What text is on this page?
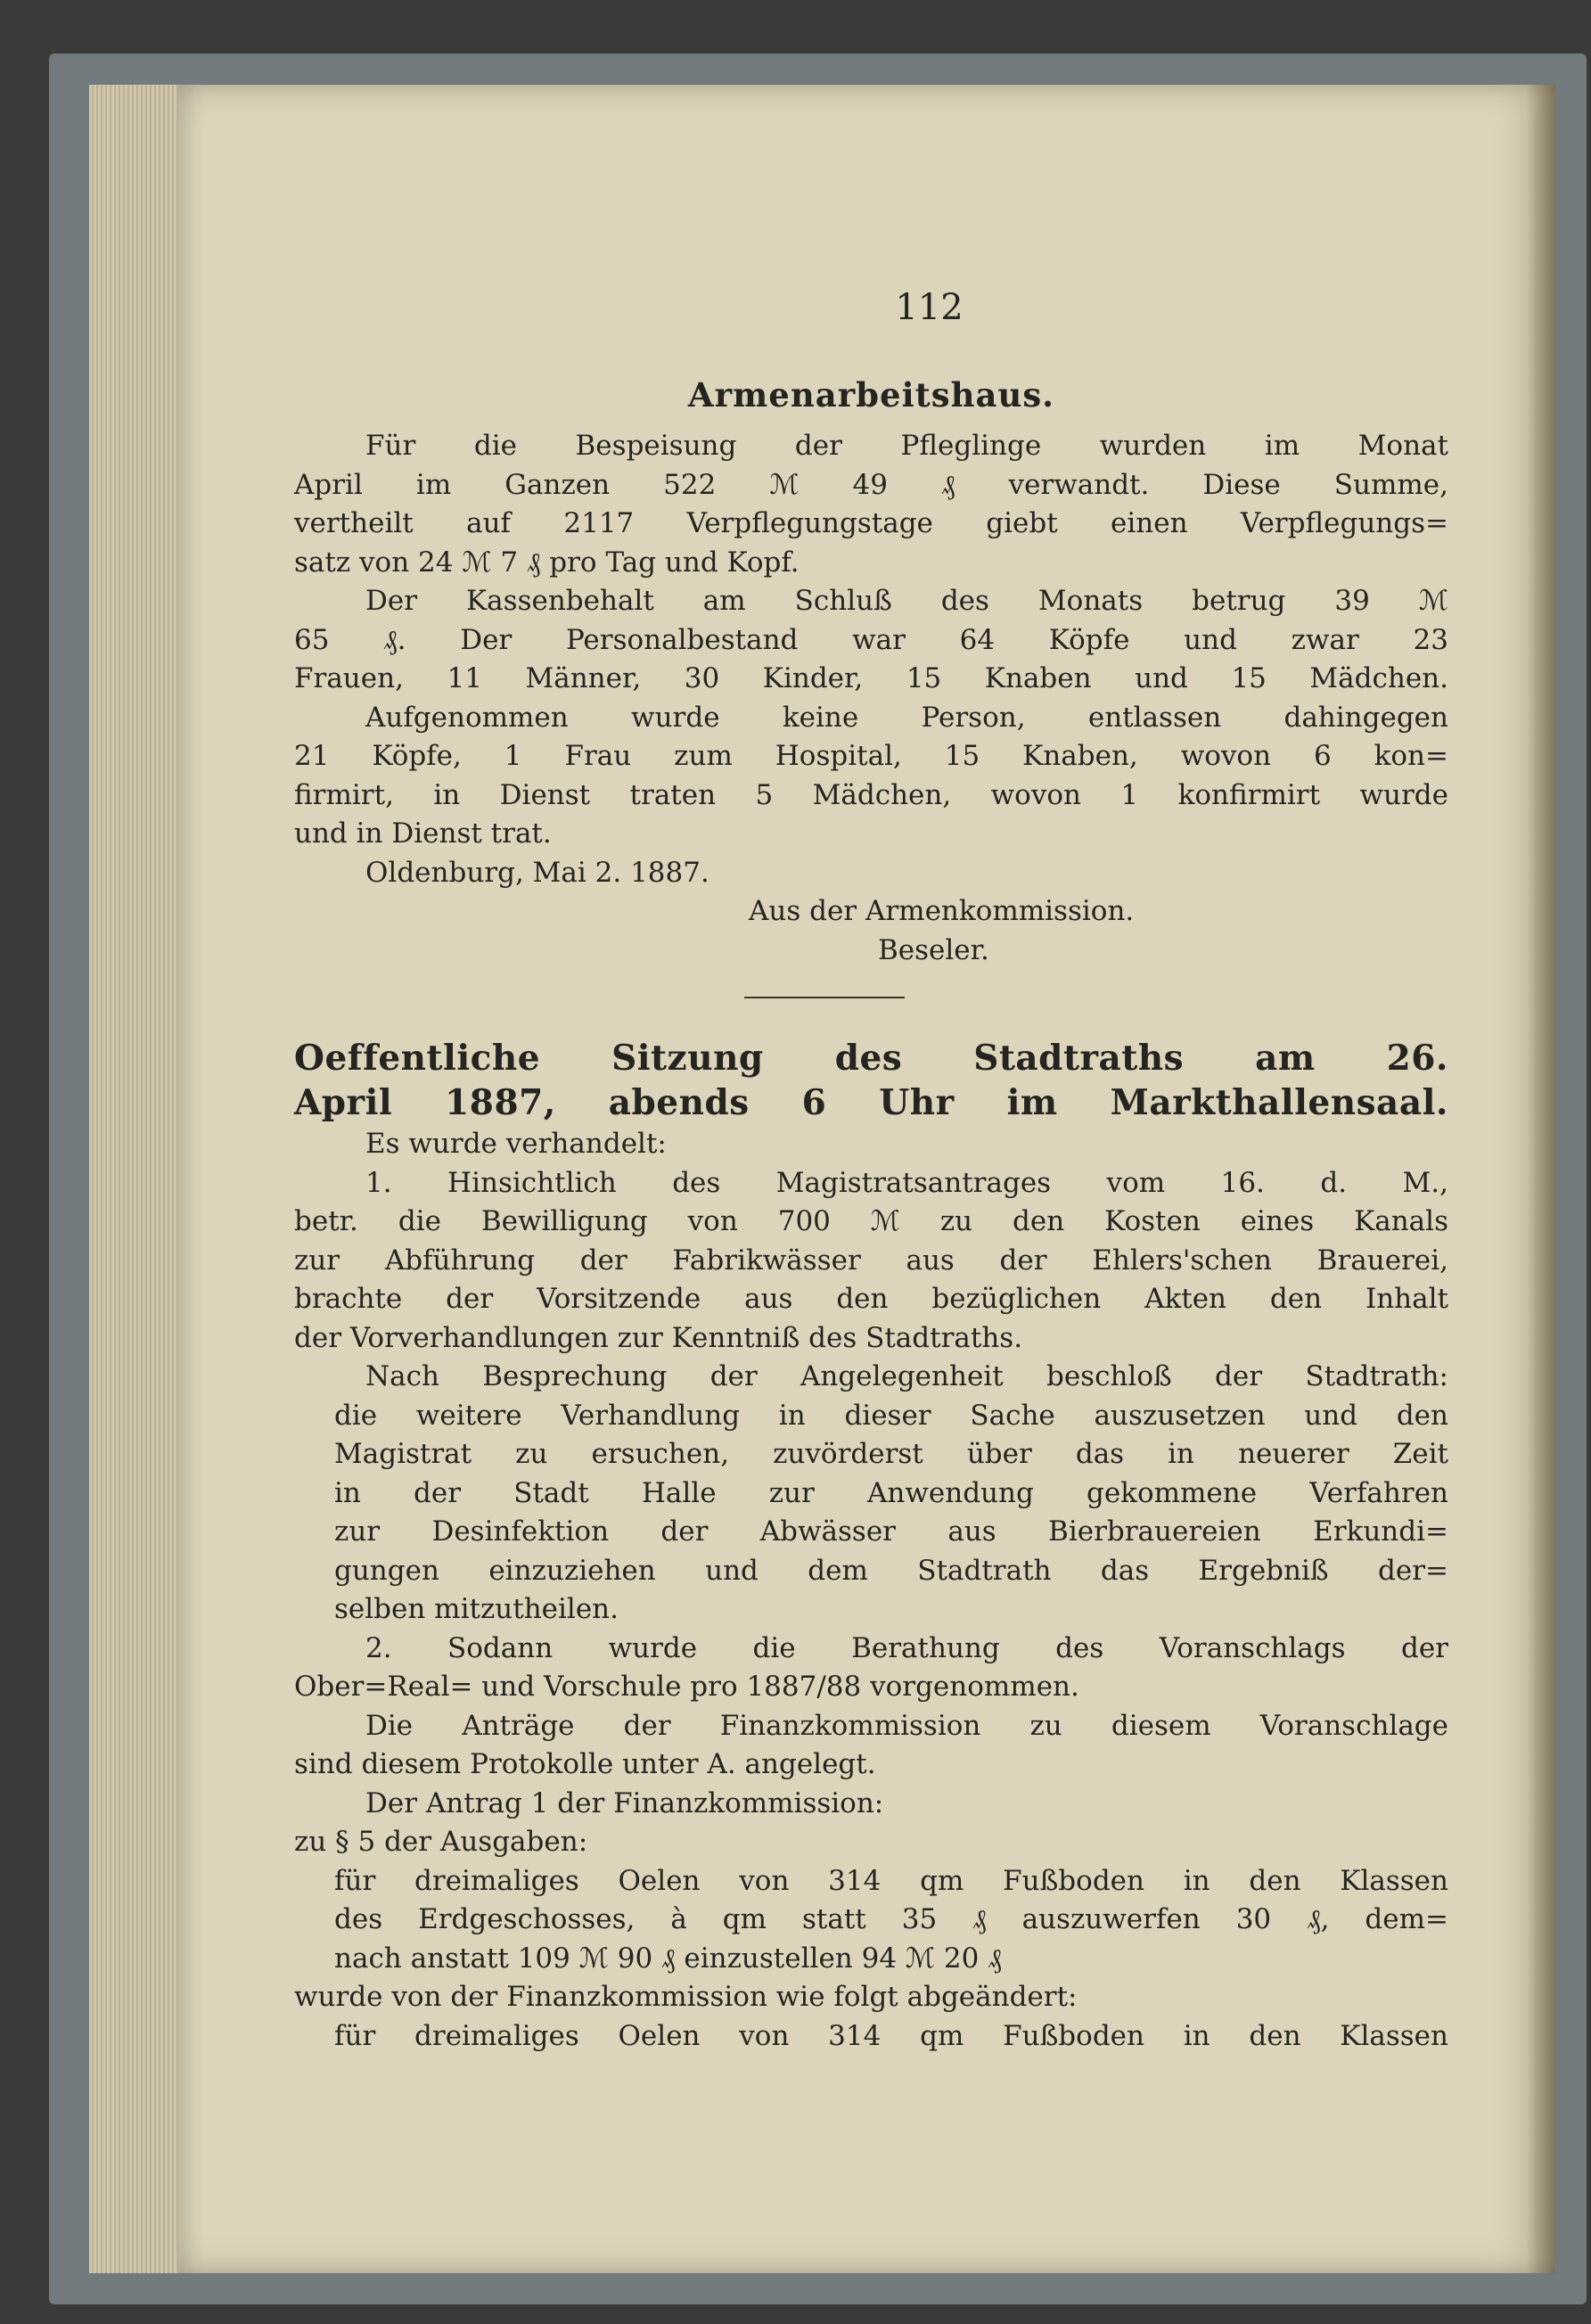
112
Armenarbeitshaus.
Für die Bespeisung der Pfleglinge wurden im Monat
April im Ganzen 522 ℳ 49 ₰ verwandt. Diese Summe,
vertheilt auf 2117 Verpflegungstage giebt einen Verpflegungs=
satz von 24 ℳ 7 ₰ pro Tag und Kopf.
Der Kassenbehalt am Schluß des Monats betrug 39 ℳ
65 ₰. Der Personalbestand war 64 Köpfe und zwar 23
Frauen, 11 Männer, 30 Kinder, 15 Knaben und 15 Mädchen.
Aufgenommen wurde keine Person, entlassen dahingegen
21 Köpfe, 1 Frau zum Hospital, 15 Knaben, wovon 6 kon=
firmirt, in Dienst traten 5 Mädchen, wovon 1 konfirmirt wurde
und in Dienst trat.
Oldenburg, Mai 2. 1887.
Aus der Armenkommission.
Beseler.
Oeffentliche Sitzung des Stadtraths am 26.
April 1887, abends 6 Uhr im Markthallensaal.
Es wurde verhandelt:
1. Hinsichtlich des Magistratsantrages vom 16. d. M.,
betr. die Bewilligung von 700 ℳ zu den Kosten eines Kanals
zur Abführung der Fabrikwässer aus der Ehlers'schen Brauerei,
brachte der Vorsitzende aus den bezüglichen Akten den Inhalt
der Vorverhandlungen zur Kenntniß des Stadtraths.
Nach Besprechung der Angelegenheit beschloß der Stadtrath:
die weitere Verhandlung in dieser Sache auszusetzen und den
Magistrat zu ersuchen, zuvörderst über das in neuerer Zeit
in der Stadt Halle zur Anwendung gekommene Verfahren
zur Desinfektion der Abwässer aus Bierbrauereien Erkundi=
gungen einzuziehen und dem Stadtrath das Ergebniß der=
selben mitzutheilen.
2. Sodann wurde die Berathung des Voranschlags der
Ober=Real= und Vorschule pro 1887/88 vorgenommen.
Die Anträge der Finanzkommission zu diesem Voranschlage
sind diesem Protokolle unter A. angelegt.
Der Antrag 1 der Finanzkommission:
zu § 5 der Ausgaben:
für dreimaliges Oelen von 314 qm Fußboden in den Klassen
des Erdgeschosses, à qm statt 35 ₰ auszuwerfen 30 ₰, dem=
nach anstatt 109 ℳ 90 ₰ einzustellen 94 ℳ 20 ₰
wurde von der Finanzkommission wie folgt abgeändert:
für dreimaliges Oelen von 314 qm Fußboden in den Klassen
